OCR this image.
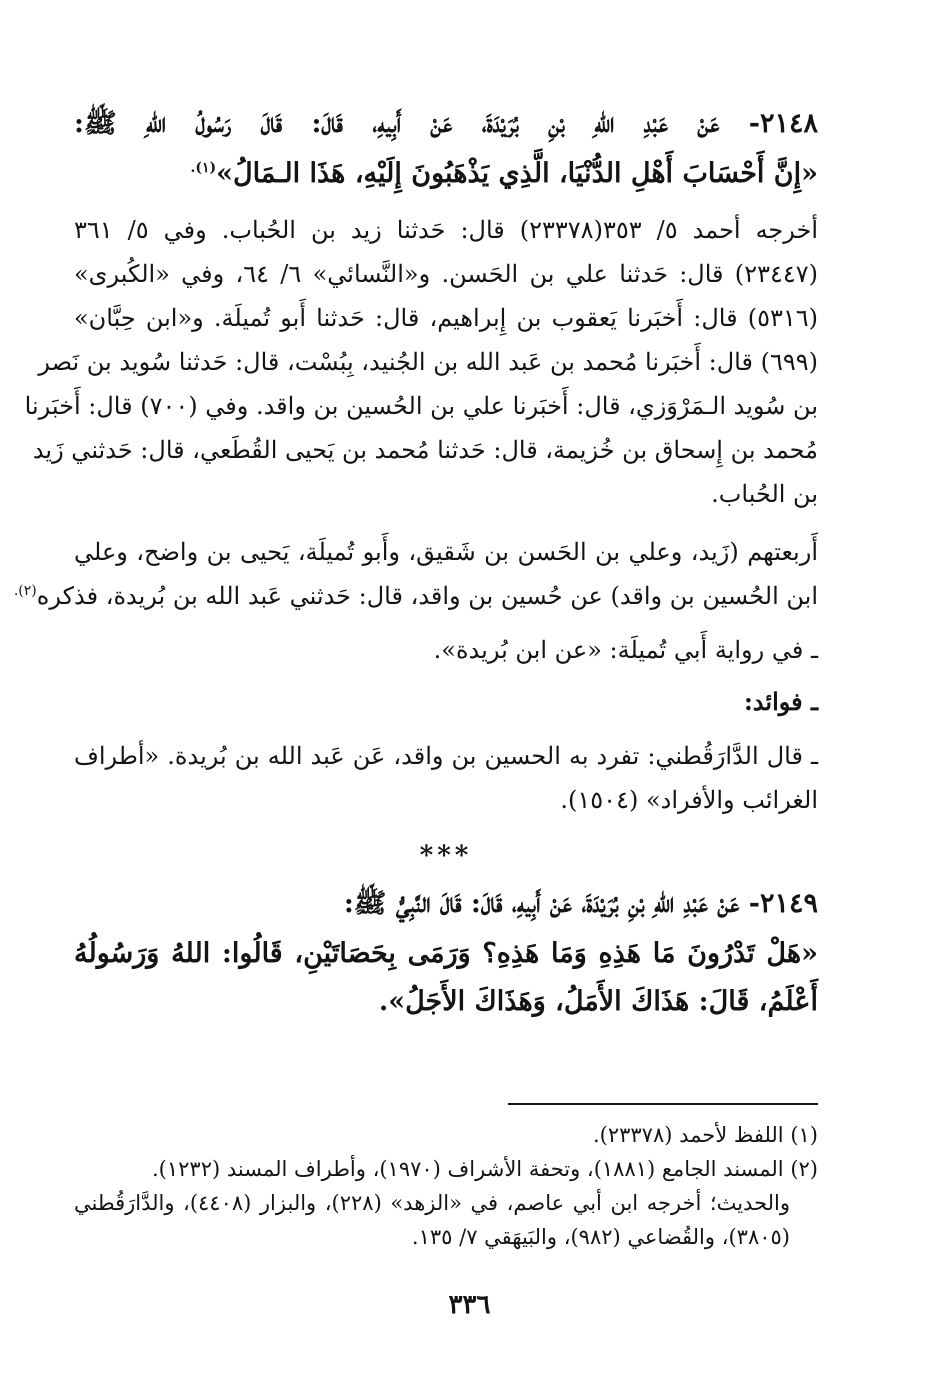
٢١٤٨- عَنْ عَبْدِ اللهِ بْنِ بُرَيْدَةَ، عَنْ أَبِيهِ، قَالَ: قَالَ رَسُولُ اللهِ ﷺ:
«إِنَّ أَحْسَابَ أَهْلِ الدُّنْيَا، الَّذِي يَذْهَبُونَ إِلَيْهِ، هَذَا الـمَالُ»$^{(١).}$
أخرجه أحمد ٥/ ٣٥٣(٢٣٣٧٨) قال: حَدثنا زيد بن الحُباب. وفي ٥/ ٣٦١
(٢٣٤٤٧) قال: حَدثنا علي بن الحَسن. و«النَّسائي» ٦/ ٦٤، وفي «الكُبرى»
(٥٣١٦) قال: أَخبَرنا يَعقوب بن إِبراهيم، قال: حَدثنا أَبو تُميلَة. و«ابن حِبَّان»
(٦٩٩) قال: أَخبَرنا مُحمد بن عَبد الله بن الجُنيد، بِبُسْت، قال: حَدثنا سُويد بن نَصر
بن سُويد الـمَرْوَزي، قال: أَخبَرنا علي بن الحُسين بن واقد. وفي (٧٠٠) قال: أَخبَرنا
مُحمد بن إِسحاق بن خُزيمة، قال: حَدثنا مُحمد بن يَحيى القُطَعي، قال: حَدثني زَيد
بن الحُباب.
أَربعتهم (زَيد، وعلي بن الحَسن بن شَقيق، وأَبو تُميلَة، يَحيى بن واضح، وعلي
ابن الحُسين بن واقد) عن حُسين بن واقد، قال: حَدثني عَبد الله بن بُريدة، فذكره$^{(٢).}$
ـ في رواية أَبي تُميلَة: «عن ابن بُريدة».
ـ فوائد:
ـ قال الدَّارَقُطني: تفرد به الحسين بن واقد، عَن عَبد الله بن بُريدة. «أطراف
الغرائب والأفراد» (١٥٠٤).
***
٢١٤٩- عَنْ عَبْدِ اللهِ بْنِ بُرَيْدَةَ، عَنْ أَبِيهِ، قَالَ: قَالَ النَّبِيُّ ﷺ:
«هَلْ تَدْرُونَ مَا هَذِهِ وَمَا هَذِهِ؟ وَرَمَى بِحَصَاتَيْنِ، قَالُوا: اللهُ وَرَسُولُهُ
أَعْلَمُ، قَالَ: هَذَاكَ الأَمَلُ، وَهَذَاكَ الأَجَلُ».
(١) اللفظ لأحمد (٢٣٣٧٨).
(٢) المسند الجامع (١٨٨١)، وتحفة الأشراف (١٩٧٠)، وأطراف المسند (١٢٣٢).
والحديث؛ أخرجه ابن أبي عاصم، في «الزهد» (٢٢٨)، والبزار (٤٤٠٨)، والدَّارَقُطني
(٣٨٠٥)، والقُضاعي (٩٨٢)، والبَيهَقي ٧/ ١٣٥.
٣٣٦
